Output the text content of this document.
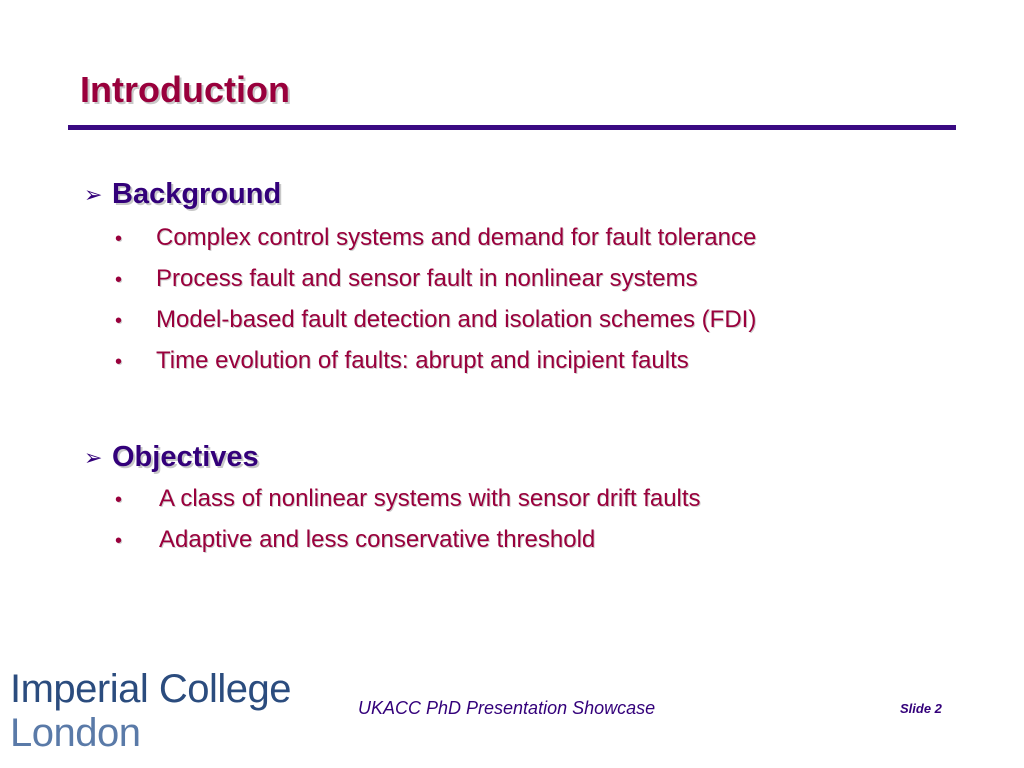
Introduction
➢ Background
•	Complex control systems and demand for fault tolerance
•	Process fault and sensor fault in nonlinear systems
•	Model-based fault detection and isolation schemes (FDI)
•	Time evolution of faults: abrupt and incipient faults
➢ Objectives
•	A class of nonlinear systems with sensor drift faults
•	Adaptive and less conservative threshold
Imperial College
London
UKACC PhD Presentation Showcase	Slide 2
